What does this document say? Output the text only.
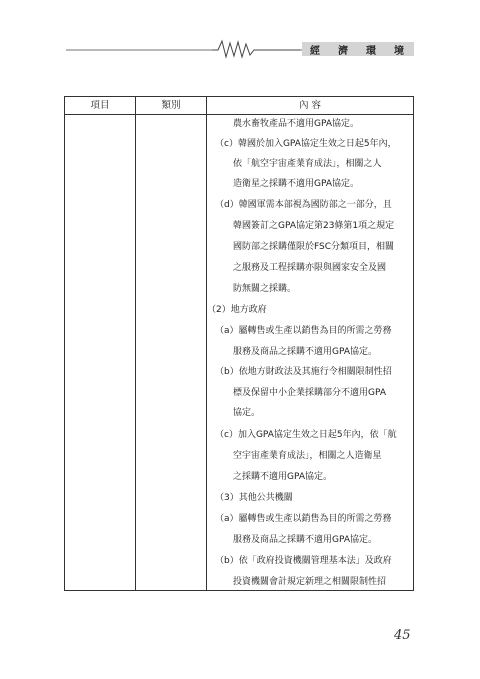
經 濟 環 境
項目	類別	內 容
農水畜牧產品不適用GPA協定。
（c）韓國於加入GPA協定生效之日起5年內，
依「航空宇宙產業育成法」，相關之人
造衛星之採購不適用GPA協定。
（d）韓國軍需本部視為國防部之一部分，且
韓國簽訂之GPA協定第23條第1項之規定
國防部之採購僅限於FSC分類項目，相關
之服務及工程採購亦限與國家安全及國
防無關之採購。
（2）地方政府
（a）屬轉售或生產以銷售為目的所需之勞務
服務及商品之採購不適用GPA協定。
（b）依地方財政法及其施行令相關限制性招
標及保留中小企業採購部分不適用GPA
協定。
（c）加入GPA協定生效之日起5年內，依「航
空宇宙產業育成法」，相關之人造衛星
之採購不適用GPA協定。
（3）其他公共機關
（a）屬轉售或生產以銷售為目的所需之勞務
服務及商品之採購不適用GPA協定。
（b）依「政府投資機關管理基本法」及政府
投資機關會計規定新理之相關限制性招
45
